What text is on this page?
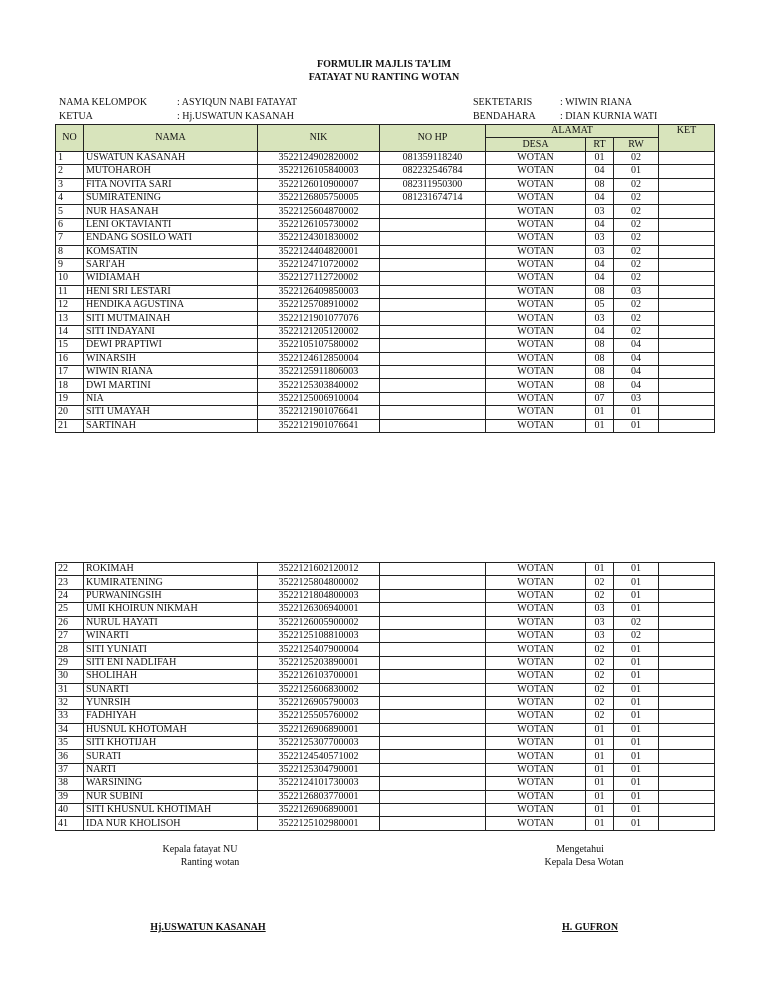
FORMULIR MAJLIS TA’LIM
FATAYAT NU RANTING WOTAN
NAMA KELOMPOK	: ASYIQUN NABI FATAYAT
KETUA	: Hj.USWATUN KASANAH
SEKTETARIS	: WIWIN RIANA
BENDAHARA : DIAN KURNIA WATI
NO	NAMA	NIK	NO HP	ALAMAT			KET
				DESA	RT	RW	
1	USWATUN KASANAH	3522124902820002	081359118240	WOTAN	01	02	
2	MUTOHAROH	3522126105840003	082232546784	WOTAN	04	01	
3	FITA NOVITA SARI	3522126010900007	082311950300	WOTAN	08	02	
4	SUMIRATENING	3522126805750005	081231674714	WOTAN	04	02	
5	NUR HASANAH	3522125604870002		WOTAN	03	02	
6	LENI OKTAVIANTI	3522126105730002		WOTAN	04	02	
7	ENDANG SOSILO WATI	3522124301830002		WOTAN	03	02	
8	KOMSATIN	3522124404820001		WOTAN	03	02	
9	SARI'AH	3522124710720002		WOTAN	04	02	
10	WIDIAMAH	3522127112720002		WOTAN	04	02	
11	HENI SRI LESTARI	3522126409850003		WOTAN	08	03	
12	HENDIKA AGUSTINA	3522125708910002		WOTAN	05	02	
13	SITI MUTMAINAH	3522121901077076		WOTAN	03	02	
14	SITI INDAYANI	3522121205120002		WOTAN	04	02	
15	DEWI PRAPTIWI	3522105107580002		WOTAN	08	04	
16	WINARSIH	3522124612850004		WOTAN	08	04	
17	WIWIN RIANA	3522125911806003		WOTAN	08	04	
18	DWI MARTINI	3522125303840002		WOTAN	08	04	
19	NIA	3522125006910004		WOTAN	07	03	
20	SITI UMAYAH	3522121901076641		WOTAN	01	01	
21	SARTINAH	3522121901076641		WOTAN	01	01	
22	ROKIMAH	3522121602120012		WOTAN	01	01	
23	KUMIRATENING	3522125804800002		WOTAN	02	01	
24	PURWANINGSIH	3522121804800003		WOTAN	02	01	
25	UMI KHOIRUN NIKMAH	3522126306940001		WOTAN	03	01	
26	NURUL HAYATI	3522126005900002		WOTAN	03	02	
27	WINARTI	3522125108810003		WOTAN	03	02	
28	SITI YUNIATI	3522125407900004		WOTAN	02	01	
29	SITI ENI NADLIFAH	3522125203890001		WOTAN	02	01	
30	SHOLIHAH	3522126103700001		WOTAN	02	01	
31	SUNARTI	3522125606830002		WOTAN	02	01	
32	YUNRSIH	3522126905790003		WOTAN	02	01	
33	FADHIYAH	3522125505760002		WOTAN	02	01	
34	HUSNUL KHOTOMAH	3522126906890001		WOTAN	01	01	
35	SITI KHOTIJAH	3522125307700003		WOTAN	01	01	
36	SURATI	3522124540571002		WOTAN	01	01	
37	NARTI	3522125304790001		WOTAN	01	01	
38	WARSINING	3522124101730003		WOTAN	01	01	
39	NUR SUBINI	3522126803770001		WOTAN	01	01	
40	SITI KHUSNUL KHOTIMAH	3522126906890001		WOTAN	01	01	
41	IDA NUR KHOLISOH	3522125102980001		WOTAN	01	01	
Kepala fatayat NU
Ranting wotan
Hj.USWATUN KASANAH
Mengetahui
Kepala Desa Wotan
H. GUFRON
